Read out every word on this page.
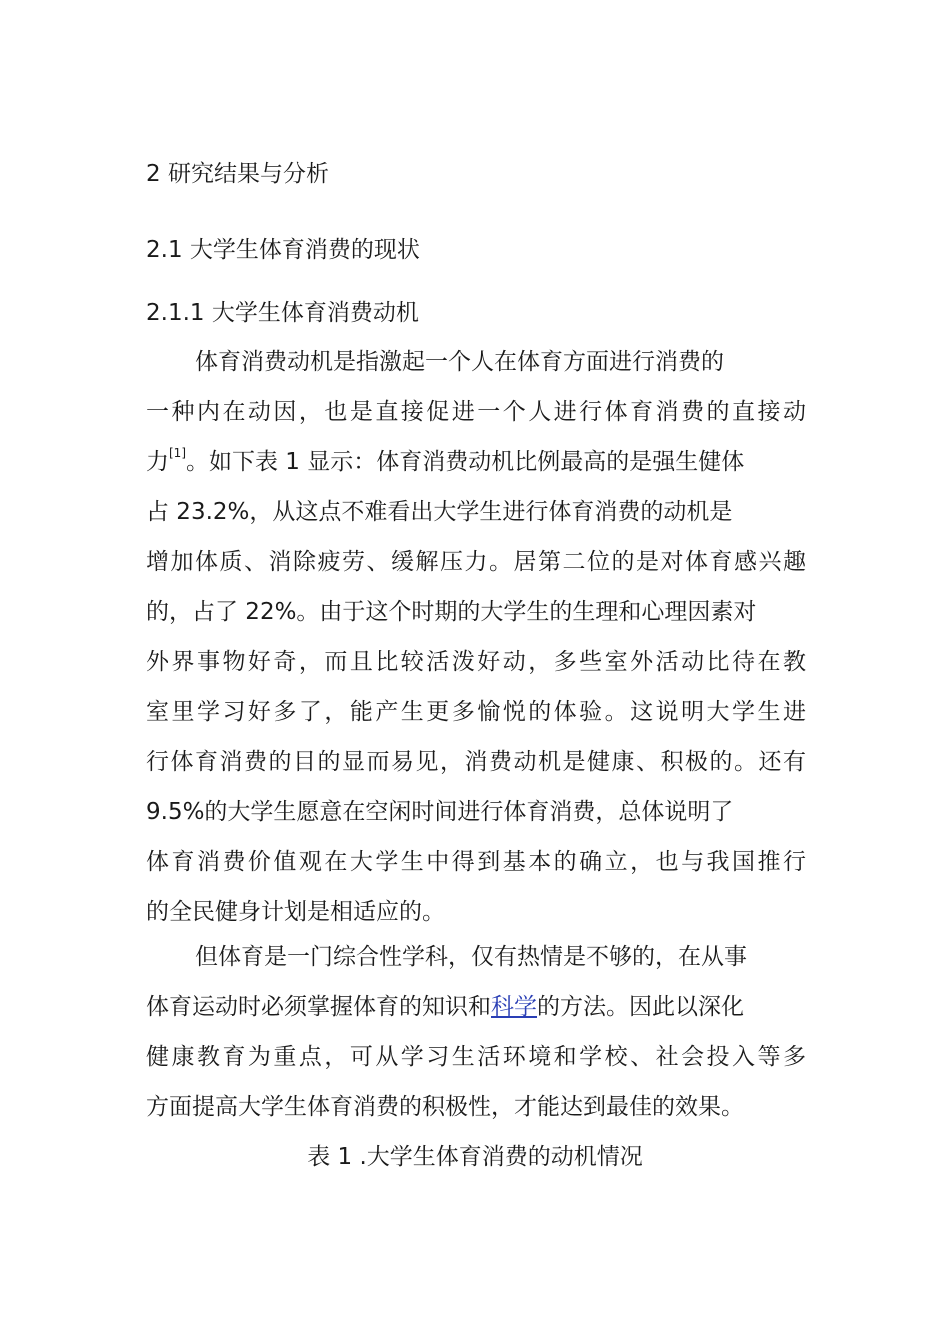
2 研究结果与分析
2.1 大学生体育消费的现状
2.1.1 大学生体育消费动机
体育消费动机是指激起一个人在体育方面进行消费的
一种内在动因，也是直接促进一个人进行体育消费的直接动
力[1]。如下表 1 显示：体育消费动机比例最高的是强生健体
占 23.2%，从这点不难看出大学生进行体育消费的动机是
增加体质、消除疲劳、缓解压力。居第二位的是对体育感兴趣
的，占了 22%。由于这个时期的大学生的生理和心理因素对
外界事物好奇，而且比较活泼好动，多些室外活动比待在教
室里学习好多了，能产生更多愉悦的体验。这说明大学生进
行体育消费的目的显而易见，消费动机是健康、积极的。还有
9.5%的大学生愿意在空闲时间进行体育消费，总体说明了
体育消费价值观在大学生中得到基本的确立，也与我国推行
的全民健身计划是相适应的。
但体育是一门综合性学科，仅有热情是不够的，在从事
体育运动时必须掌握体育的知识和科学的方法。因此以深化
健康教育为重点，可从学习生活环境和学校、社会投入等多
方面提高大学生体育消费的积极性，才能达到最佳的效果。
表 1 .大学生体育消费的动机情况
